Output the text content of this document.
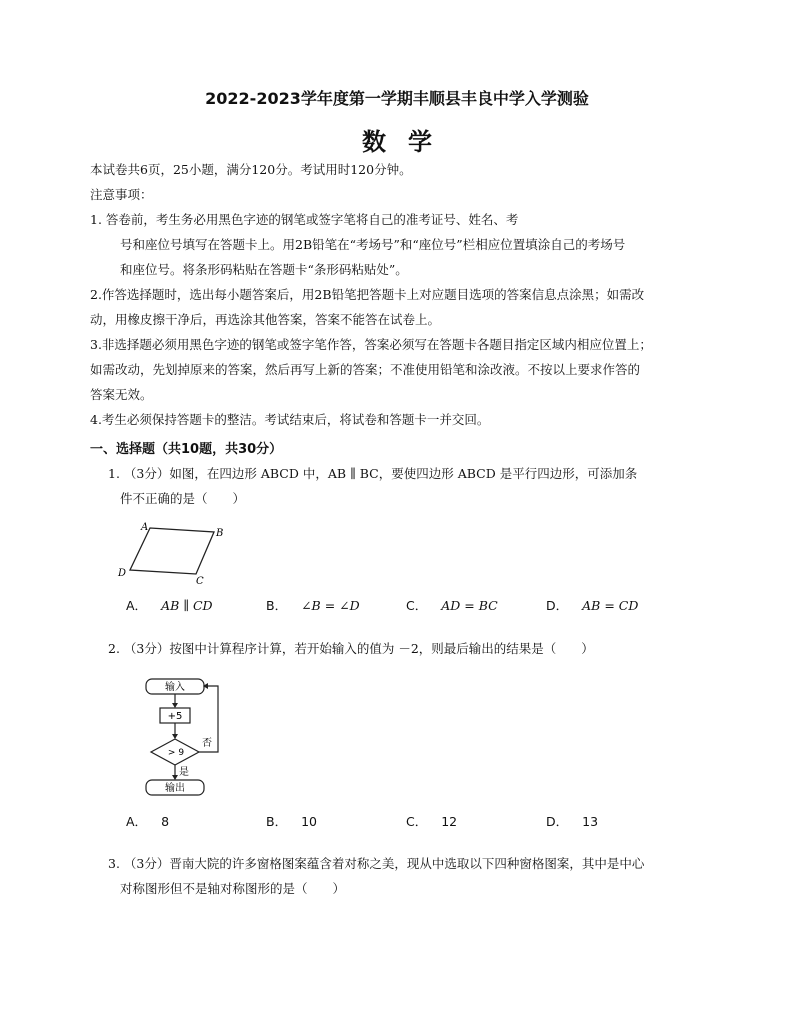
2022-2023学年度第一学期丰顺县丰良中学入学测验
数学
本试卷共6页，25小题，满分120分。考试用时120分钟。
注意事项：
1. 答卷前，考生务必用黑色字迹的钢笔或签字笔将自己的准考证号、姓名、考
号和座位号填写在答题卡上。用2B铅笔在“考场号”和“座位号”栏相应位置填涂自己的考场号
和座位号。将条形码粘贴在答题卡“条形码粘贴处”。
2.作答选择题时，选出每小题答案后，用2B铅笔把答题卡上对应题目选项的答案信息点涂黑；如需改
动，用橡皮擦干净后，再选涂其他答案，答案不能答在试卷上。
3.非选择题必须用黑色字迹的钢笔或签字笔作答，答案必须写在答题卡各题目指定区域内相应位置上；
如需改动，先划掉原来的答案，然后再写上新的答案；不准使用铅笔和涂改液。不按以上要求作答的
答案无效。
4.考生必须保持答题卡的整洁。考试结束后，将试卷和答题卡一并交回。
一、选择题（共10题，共30分）
1. （3分）如图，在四边形 ABCD 中，AB ∥ BC，要使四边形 ABCD 是平行四边形，可添加条
件不正确的是（　　）
A
B
C
D
A． AB ∥ CD	B． ∠B = ∠D	C． AD = BC	D． AB = CD
2. （3分）按图中计算程序计算，若开始输入的值为 －2，则最后输出的结果是（　　）
输入
+5
> 9
否
是
输出
A． 8	B． 10	C． 12	D． 13
3. （3分）晋南大院的许多窗格图案蕴含着对称之美，现从中选取以下四种窗格图案，其中是中心
对称图形但不是轴对称图形的是（　　）
